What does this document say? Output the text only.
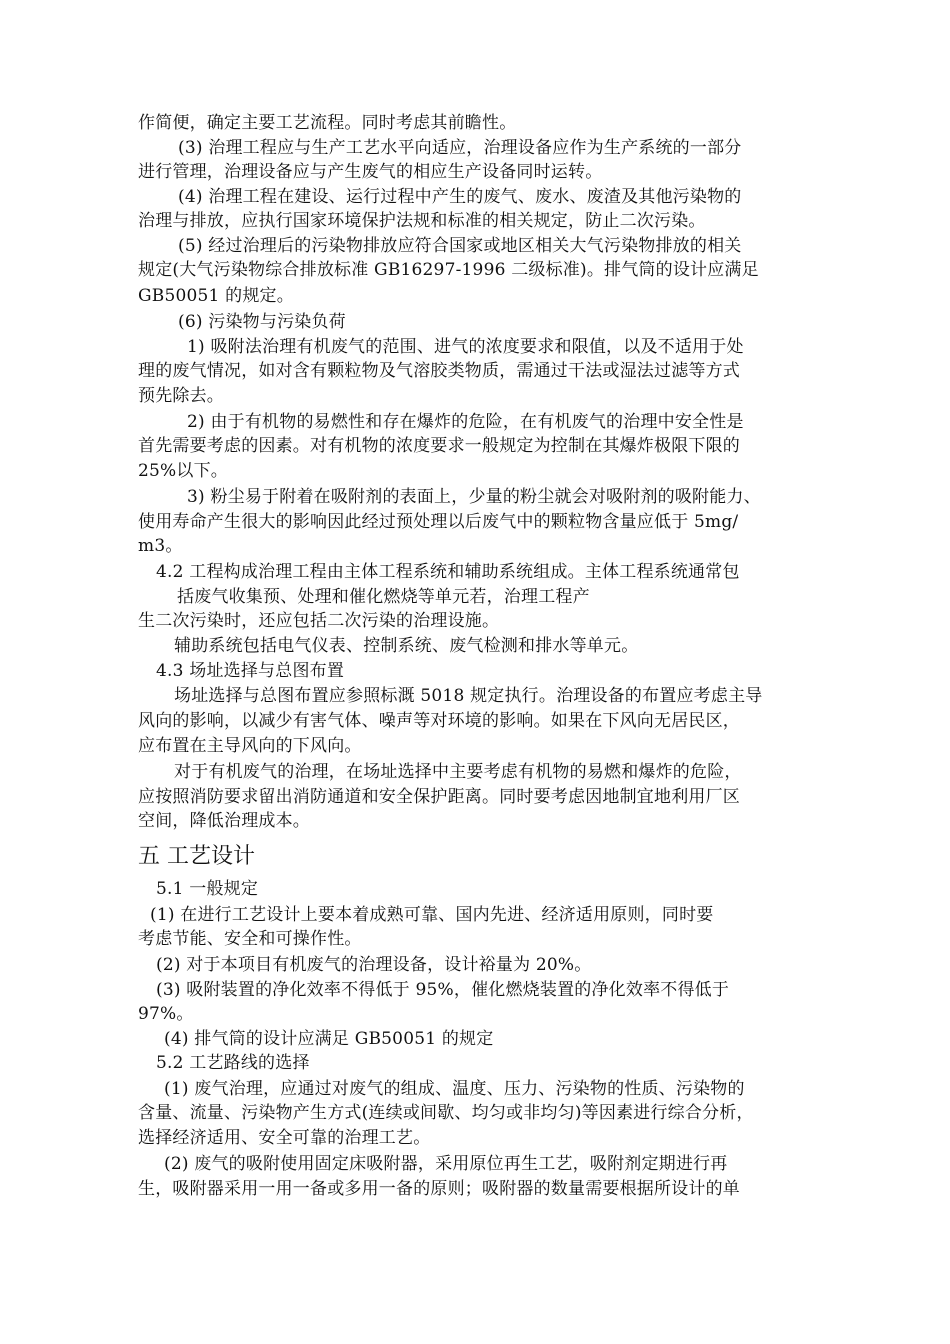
作简便，确定主要工艺流程。同时考虑其前瞻性。
(3) 治理工程应与生产工艺水平向适应，治理设备应作为生产系统的一部分
进行管理，治理设备应与产生废气的相应生产设备同时运转。
(4) 治理工程在建设、运行过程中产生的废气、废水、废渣及其他污染物的
治理与排放，应执行国家环境保护法规和标准的相关规定，防止二次污染。
(5) 经过治理后的污染物排放应符合国家或地区相关大气污染物排放的相关
规定(大气污染物综合排放标准 GB16297-1996 二级标准)。排气筒的设计应满足
GB50051 的规定。
(6) 污染物与污染负荷
1) 吸附法治理有机废气的范围、进气的浓度要求和限值，以及不适用于处
理的废气情况，如对含有颗粒物及气溶胶类物质，需通过干法或湿法过滤等方式
预先除去。
2) 由于有机物的易燃性和存在爆炸的危险，在有机废气的治理中安全性是
首先需要考虑的因素。对有机物的浓度要求一般规定为控制在其爆炸极限下限的
25%以下。
3) 粉尘易于附着在吸附剂的表面上，少量的粉尘就会对吸附剂的吸附能力、
使用寿命产生很大的影响因此经过预处理以后废气中的颗粒物含量应低于 5mg/
m3。
4.2 工程构成治理工程由主体工程系统和辅助系统组成。主体工程系统通常包
括废气收集预、处理和催化燃烧等单元若，治理工程产
生二次污染时，还应包括二次污染的治理设施。
辅助系统包括电气仪表、控制系统、废气检测和排水等单元。
4.3 场址选择与总图布置
场址选择与总图布置应参照标溉 5018 规定执行。治理设备的布置应考虑主导
风向的影响，以减少有害气体、噪声等对环境的影响。如果在下风向无居民区，
应布置在主导风向的下风向。
对于有机废气的治理，在场址选择中主要考虑有机物的易燃和爆炸的危险，
应按照消防要求留出消防通道和安全保护距离。同时要考虑因地制宜地利用厂区
空间，降低治理成本。
五 工艺设计
5.1 一般规定
(1) 在进行工艺设计上要本着成熟可靠、国内先进、经济适用原则，同时要
考虑节能、安全和可操作性。
(2) 对于本项目有机废气的治理设备，设计裕量为 20%。
(3) 吸附装置的净化效率不得低于 95%，催化燃烧装置的净化效率不得低于
97%。
(4) 排气筒的设计应满足 GB50051 的规定
5.2 工艺路线的选择
(1) 废气治理，应通过对废气的组成、温度、压力、污染物的性质、污染物的
含量、流量、污染物产生方式(连续或间歇、均匀或非均匀)等因素进行综合分析，
选择经济适用、安全可靠的治理工艺。
(2) 废气的吸附使用固定床吸附器，采用原位再生工艺，吸附剂定期进行再
生，吸附器采用一用一备或多用一备的原则；吸附器的数量需要根据所设计的单
